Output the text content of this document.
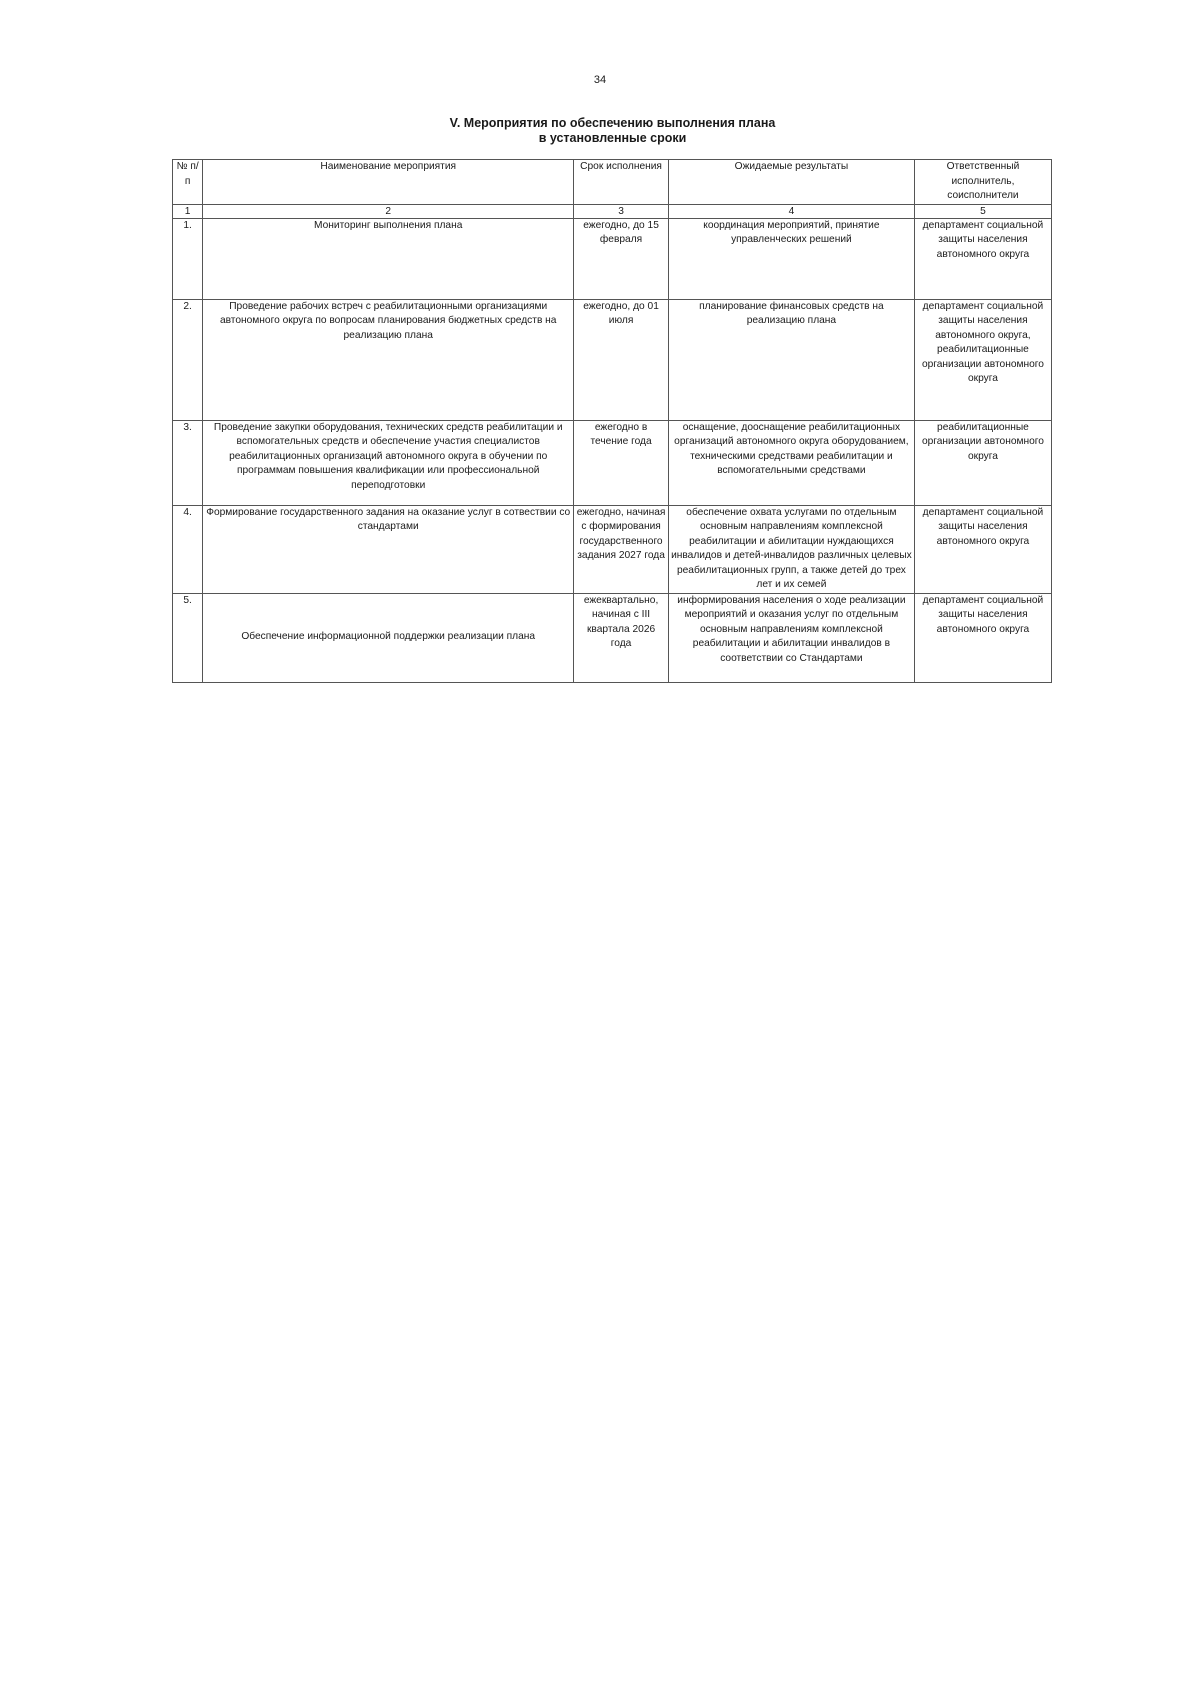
34
V. Мероприятия по обеспечению выполнения плана
в установленные сроки
№ п/п	Наименование мероприятия	Срок исполнения	Ожидаемые результаты	Ответственный исполнитель, соисполнители
1	2	3	4	5
1.	Мониторинг выполнения плана	ежегодно, до 15 февраля	координация мероприятий, принятие управленческих решений	департамент социальной защиты населения автономного округа
2.	Проведение рабочих встреч с реабилитационными организациями автономного округа по вопросам планирования бюджетных средств на реализацию плана	ежегодно, до 01 июля	планирование финансовых средств на реализацию плана	департамент социальной защиты населения автономного округа, реабилитационные организации автономного округа
3.	Проведение закупки оборудования, технических средств реабилитации и вспомогательных средств и обеспечение участия специалистов реабилитационных организаций автономного округа в обучении по программам повышения квалификации или профессиональной переподготовки	ежегодно в течение года	оснащение, дооснащение реабилитационных организаций автономного округа оборудованием, техническими средствами реабилитации и вспомогательными средствами	реабилитационные организации автономного округа
4.	Формирование государственного задания на оказание услуг в сотвествии со стандартами	ежегодно, начиная с формирования государственного задания 2027 года	обеспечение охвата услугами по отдельным основным направлениям комплексной реабилитации и абилитации нуждающихся инвалидов и детей-инвалидов различных целевых реабилитационных групп, а также детей до трех лет и их семей	департамент социальной защиты населения автономного округа
5.	Обеспечение информационной поддержки реализации плана	ежеквартально, начиная с III квартала 2026 года	информирования населения о ходе реализации мероприятий и оказания услуг по отдельным основным направлениям комплексной реабилитации и абилитации инвалидов в соответствии со Стандартами	департамент социальной защиты населения автономного округа
